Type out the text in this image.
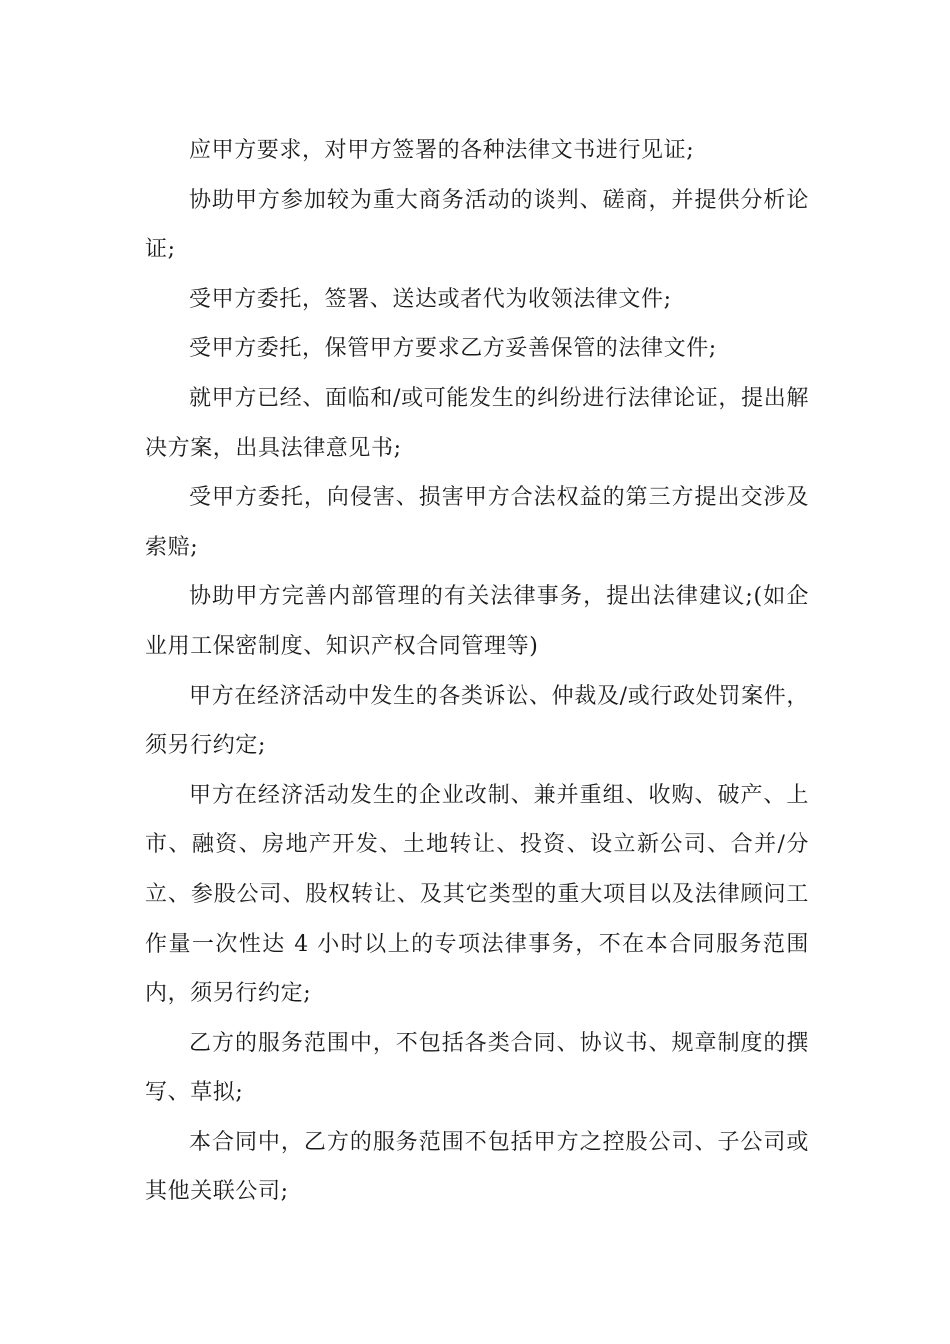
应甲方要求，对甲方签署的各种法律文书进行见证;

协助甲方参加较为重大商务活动的谈判、磋商，并提供分析论证;

受甲方委托，签署、送达或者代为收领法律文件;

受甲方委托，保管甲方要求乙方妥善保管的法律文件;

就甲方已经、面临和/或可能发生的纠纷进行法律论证，提出解决方案，出具法律意见书;

受甲方委托，向侵害、损害甲方合法权益的第三方提出交涉及索赔;

协助甲方完善内部管理的有关法律事务，提出法律建议;(如企业用工保密制度、知识产权合同管理等)

甲方在经济活动中发生的各类诉讼、仲裁及/或行政处罚案件，须另行约定;

甲方在经济活动发生的企业改制、兼并重组、收购、破产、上市、融资、房地产开发、土地转让、投资、设立新公司、合并/分立、参股公司、股权转让、及其它类型的重大项目以及法律顾问工作量一次性达 4 小时以上的专项法律事务，不在本合同服务范围内，须另行约定;

乙方的服务范围中，不包括各类合同、协议书、规章制度的撰写、草拟;

本合同中，乙方的服务范围不包括甲方之控股公司、子公司或其他关联公司;
